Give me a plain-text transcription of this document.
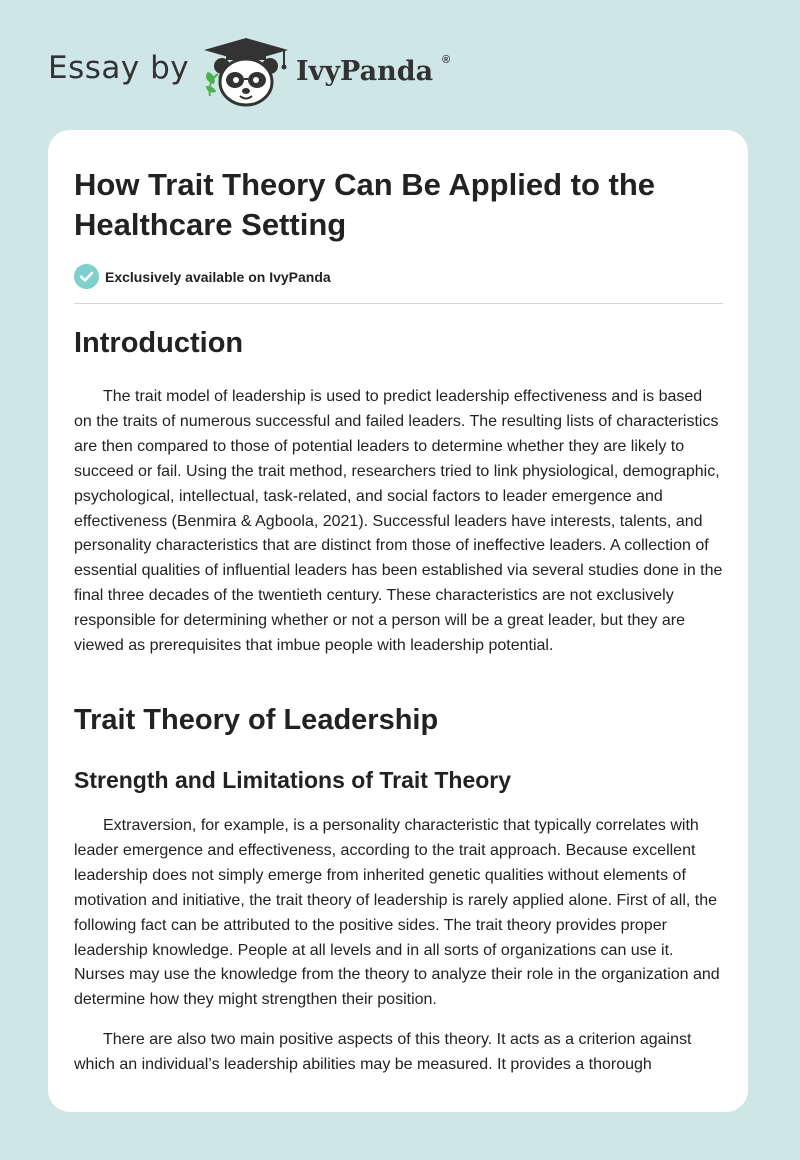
Essay by	IvyPanda ®
How Trait Theory Can Be Applied to the Healthcare Setting
Exclusively available on IvyPanda
Introduction

The trait model of leadership is used to predict leadership effectiveness and is based on the traits of numerous successful and failed leaders. The resulting lists of characteristics are then compared to those of potential leaders to determine whether they are likely to succeed or fail. Using the trait method, researchers tried to link physiological, demographic, psychological, intellectual, task-related, and social factors to leader emergence and effectiveness (Benmira & Agboola, 2021). Successful leaders have interests, talents, and personality characteristics that are distinct from those of ineffective leaders. A collection of essential qualities of influential leaders has been established via several studies done in the final three decades of the twentieth century. These characteristics are not exclusively responsible for determining whether or not a person will be a great leader, but they are viewed as prerequisites that imbue people with leadership potential.

Trait Theory of Leadership
Strength and Limitations of Trait Theory

Extraversion, for example, is a personality characteristic that typically correlates with leader emergence and effectiveness, according to the trait approach. Because excellent leadership does not simply emerge from inherited genetic qualities without elements of motivation and initiative, the trait theory of leadership is rarely applied alone. First of all, the following fact can be attributed to the positive sides. The trait theory provides proper leadership knowledge. People at all levels and in all sorts of organizations can use it. Nurses may use the knowledge from the theory to analyze their role in the organization and determine how they might strengthen their position.

There are also two main positive aspects of this theory. It acts as a criterion against which an individual’s leadership abilities may be measured. It provides a thorough
